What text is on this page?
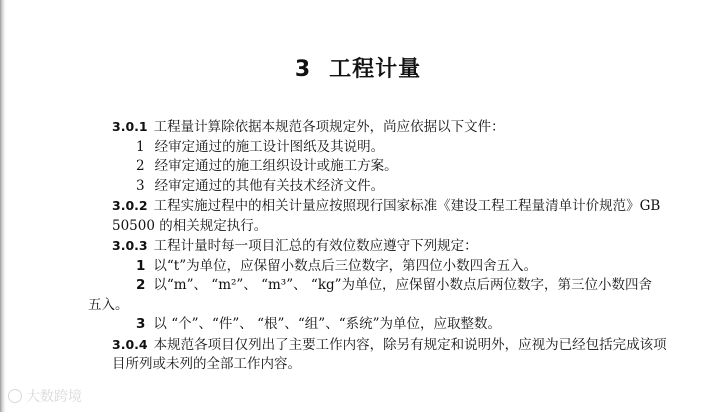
3 工程计量
3.0.1 工程量计算除依据本规范各项规定外，尚应依据以下文件：
1 经审定通过的施工设计图纸及其说明。
2 经审定通过的施工组织设计或施工方案。
3 经审定通过的其他有关技术经济文件。
3.0.2 工程实施过程中的相关计量应按照现行国家标准《建设工程工程量清单计价规范》GB
50500 的相关规定执行。
3.0.3 工程计量时每一项目汇总的有效位数应遵守下列规定：
1 以“t”为单位，应保留小数点后三位数字，第四位小数四舍五入。
2 以“m”、 “m²”、 “m³”、 “kg”为单位，应保留小数点后两位数字，第三位小数四舍
五入。
3 以 “个”、“件”、 “根”、“组”、“系统”为单位，应取整数。
3.0.4 本规范各项目仅列出了主要工作内容，除另有规定和说明外，应视为已经包括完成该项
目所列或未列的全部工作内容。
大数跨境
